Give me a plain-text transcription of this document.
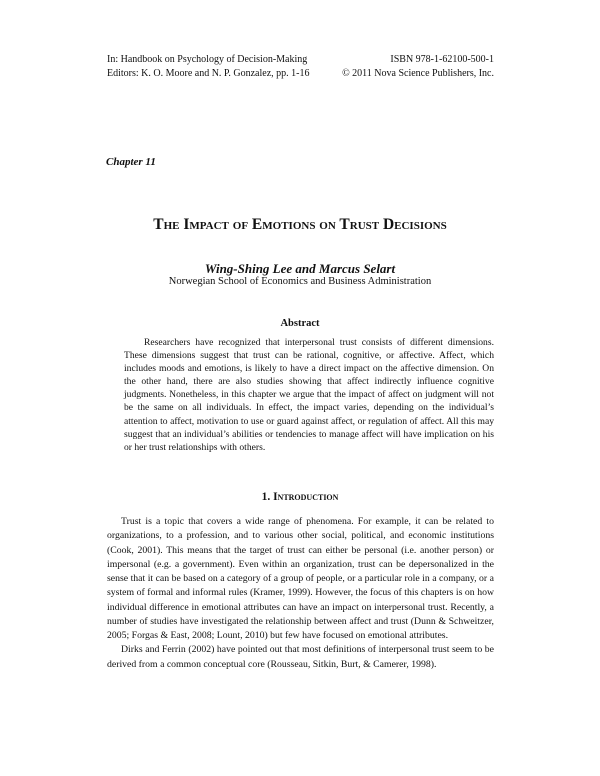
In: Handbook on Psychology of Decision-Making
Editors: K. O. Moore and N. P. Gonzalez, pp. 1-16
ISBN 978-1-62100-500-1
© 2011 Nova Science Publishers, Inc.
Chapter 11
The Impact of Emotions on Trust Decisions
Wing-Shing Lee and Marcus Selart
Norwegian School of Economics and Business Administration
Abstract

Researchers have recognized that interpersonal trust consists of different dimensions. These dimensions suggest that trust can be rational, cognitive, or affective. Affect, which includes moods and emotions, is likely to have a direct impact on the affective dimension. On the other hand, there are also studies showing that affect indirectly influence cognitive judgments. Nonetheless, in this chapter we argue that the impact of affect on judgment will not be the same on all individuals. In effect, the impact varies, depending on the individual’s attention to affect, motivation to use or guard against affect, or regulation of affect. All this may suggest that an individual’s abilities or tendencies to manage affect will have implication on his or her trust relationships with others.

1. Introduction

Trust is a topic that covers a wide range of phenomena. For example, it can be related to organizations, to a profession, and to various other social, political, and economic institutions (Cook, 2001). This means that the target of trust can either be personal (i.e. another person) or impersonal (e.g. a government). Even within an organization, trust can be depersonalized in the sense that it can be based on a category of a group of people, or a particular role in a company, or a system of formal and informal rules (Kramer, 1999). However, the focus of this chapters is on how individual difference in emotional attributes can have an impact on interpersonal trust. Recently, a number of studies have investigated the relationship between affect and trust (Dunn & Schweitzer, 2005; Forgas & East, 2008; Lount, 2010) but few have focused on emotional attributes.

Dirks and Ferrin (2002) have pointed out that most definitions of interpersonal trust seem to be derived from a common conceptual core (Rousseau, Sitkin, Burt, & Camerer, 1998).
